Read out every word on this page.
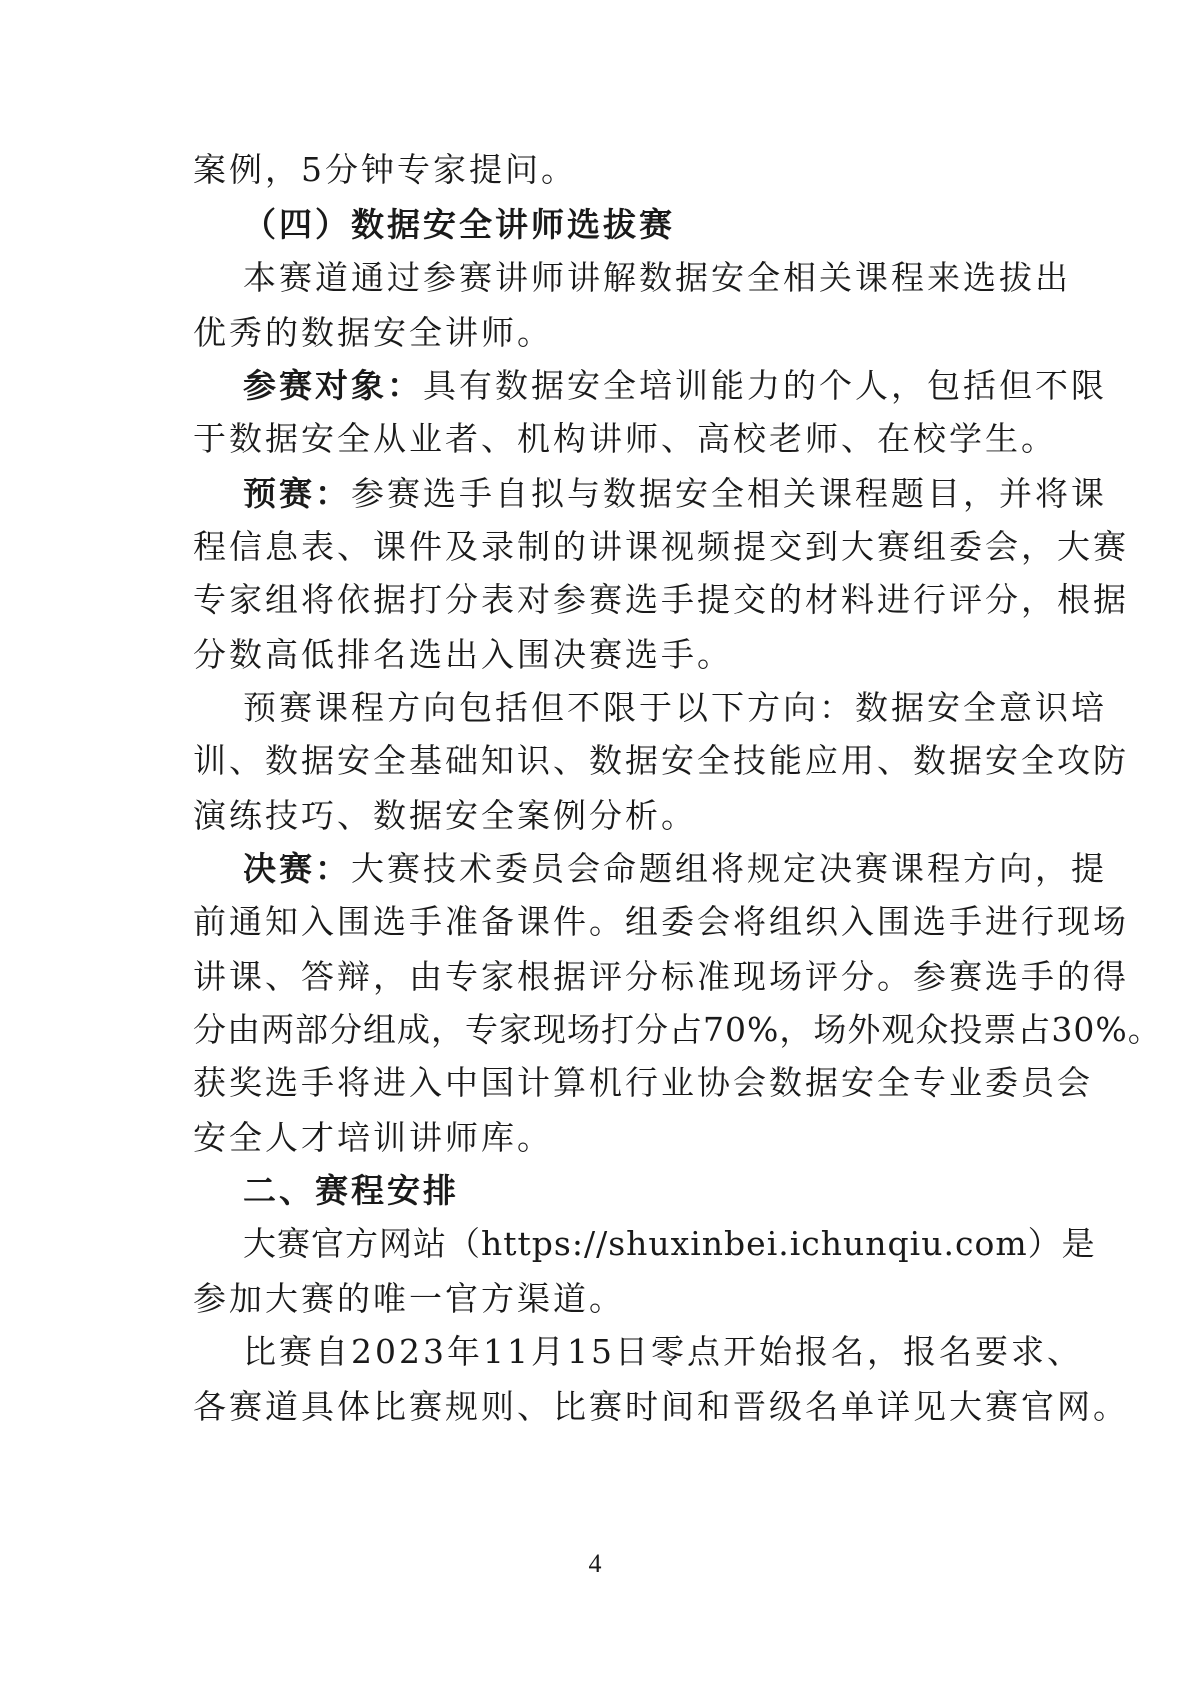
案例，5分钟专家提问。
（四）数据安全讲师选拔赛
本赛道通过参赛讲师讲解数据安全相关课程来选拔出
优秀的数据安全讲师。
参赛对象：具有数据安全培训能力的个人，包括但不限
于数据安全从业者、机构讲师、高校老师、在校学生。
预赛：参赛选手自拟与数据安全相关课程题目，并将课
程信息表、课件及录制的讲课视频提交到大赛组委会，大赛
专家组将依据打分表对参赛选手提交的材料进行评分，根据
分数高低排名选出入围决赛选手。
预赛课程方向包括但不限于以下方向：数据安全意识培
训、数据安全基础知识、数据安全技能应用、数据安全攻防
演练技巧、数据安全案例分析。
决赛：大赛技术委员会命题组将规定决赛课程方向，提
前通知入围选手准备课件。组委会将组织入围选手进行现场
讲课、答辩，由专家根据评分标准现场评分。参赛选手的得
分由两部分组成，专家现场打分占70%，场外观众投票占30%。
获奖选手将进入中国计算机行业协会数据安全专业委员会
安全人才培训讲师库。
二、赛程安排
大赛官方网站（https://shuxinbei.ichunqiu.com）是
参加大赛的唯一官方渠道。
比赛自2023年11月15日零点开始报名，报名要求、
各赛道具体比赛规则、比赛时间和晋级名单详见大赛官网。
4
